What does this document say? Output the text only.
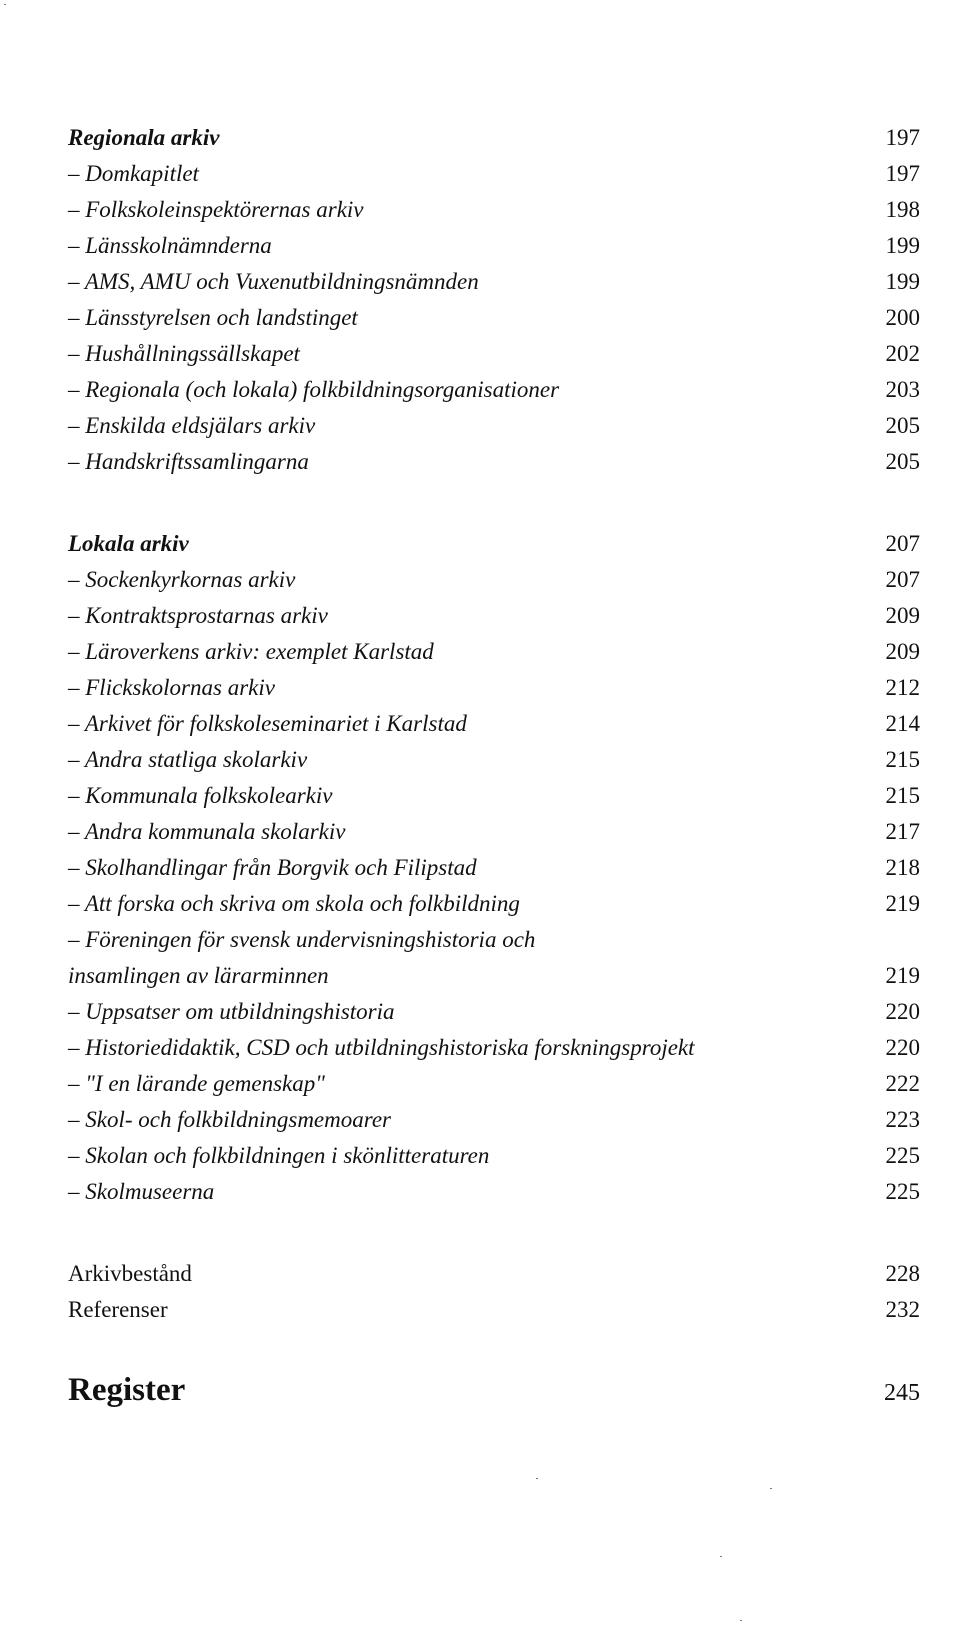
Regionala arkiv	197
– Domkapitlet	197
– Folkskoleinspektörernas arkiv	198
– Länsskolnämnderna	199
– AMS, AMU och Vuxenutbildningsnämnden	199
– Länsstyrelsen och landstinget	200
– Hushållningssällskapet	202
– Regionala (och lokala) folkbildningsorganisationer	203
– Enskilda eldsjälars arkiv	205
– Handskriftssamlingarna	205
Lokala arkiv	207
– Sockenkyrkornas arkiv	207
– Kontraktsprostarnas arkiv	209
– Läroverkens arkiv: exemplet Karlstad	209
– Flickskolornas arkiv	212
– Arkivet för folkskoleseminariet i Karlstad	214
– Andra statliga skolarkiv	215
– Kommunala folkskolearkiv	215
– Andra kommunala skolarkiv	217
– Skolhandlingar från Borgvik och Filipstad	218
– Att forska och skriva om skola och folkbildning	219
– Föreningen för svensk undervisningshistoria och insamlingen av lärarminnen	219
– Uppsatser om utbildningshistoria	220
– Historiedidaktik, CSD och utbildningshistoriska forskningsprojekt	220
– "I en lärande gemenskap"	222
– Skol- och folkbildningsmemoarer	223
– Skolan och folkbildningen i skönlitteraturen	225
– Skolmuseerna	225
Arkivbestånd	228
Referenser	232
Register	245
